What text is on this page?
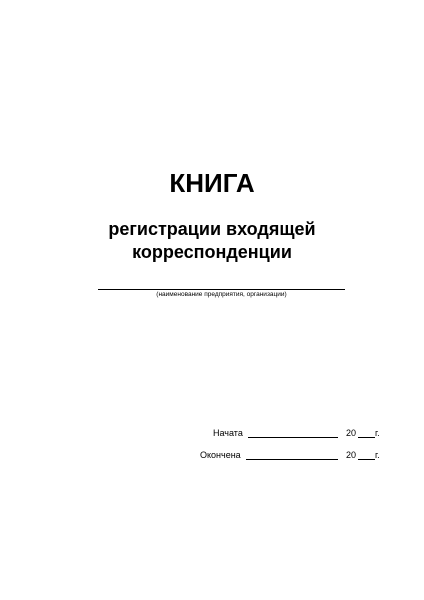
КНИГА
регистрации входящей
корреспонденции
(наименование предприятия, организации)
Начата	20 г.
Окончена	20 г.
